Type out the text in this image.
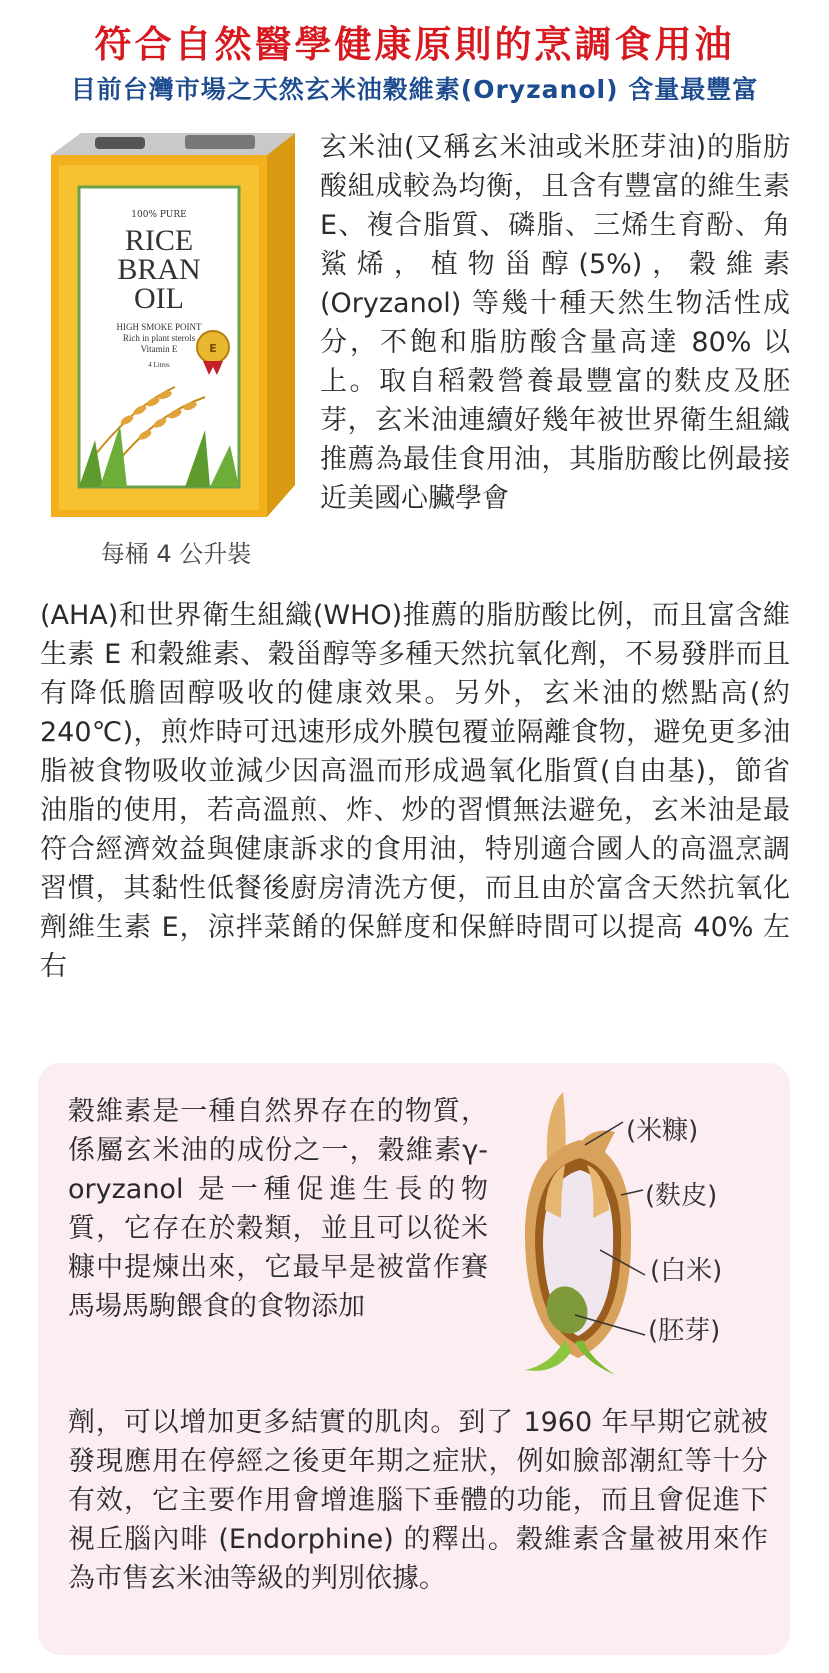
符合自然醫學健康原則的烹調食用油
目前台灣市場之天然玄米油穀維素(Oryzanol) 含量最豐富
100% PURE
RICE
BRAN
OIL
HIGH SMOKE POINT
Rich in plant sterols
Vitamin E
4 Litres
E
每桶 4 公升裝
玄米油(又稱玄米油或米胚芽油)的脂肪酸組成較為均衡，且含有豐富的維生素 E、複合脂質、磷脂、三烯生育酚、角鯊烯，植物甾醇(5%)，穀維素 (Oryzanol) 等幾十種天然生物活性成分，不飽和脂肪酸含量高達 80% 以上。取自稻穀營養最豐富的麩皮及胚芽，玄米油連續好幾年被世界衛生組織推薦為最佳食用油，其脂肪酸比例最接近美國心臟學會
(AHA)和世界衛生組織(WHO)推薦的脂肪酸比例，而且富含維生素 E 和穀維素、穀甾醇等多種天然抗氧化劑，不易發胖而且有降低膽固醇吸收的健康效果。另外，玄米油的燃點高(約 240℃)，煎炸時可迅速形成外膜包覆並隔離食物，避免更多油脂被食物吸收並減少因高溫而形成過氧化脂質(自由基)，節省油脂的使用，若高溫煎、炸、炒的習慣無法避免，玄米油是最符合經濟效益與健康訴求的食用油，特別適合國人的高溫烹調習慣，其黏性低餐後廚房清洗方便，而且由於富含天然抗氧化劑維生素 E，涼拌菜餚的保鮮度和保鮮時間可以提高 40% 左右
穀維素是一種自然界存在的物質，係屬玄米油的成份之一，穀維素γ-oryzanol 是一種促進生長的物質，它存在於穀類，並且可以從米糠中提煉出來，它最早是被當作賽馬場馬駒餵食的食物添加
劑，可以增加更多結實的肌肉。到了 1960 年早期它就被發現應用在停經之後更年期之症狀，例如臉部潮紅等十分有效，它主要作用會增進腦下垂體的功能，而且會促進下視丘腦內啡 (Endorphine) 的釋出。穀維素含量被用來作為市售玄米油等級的判別依據。
(米糠)
(麩皮)
(白米)
(胚芽)
